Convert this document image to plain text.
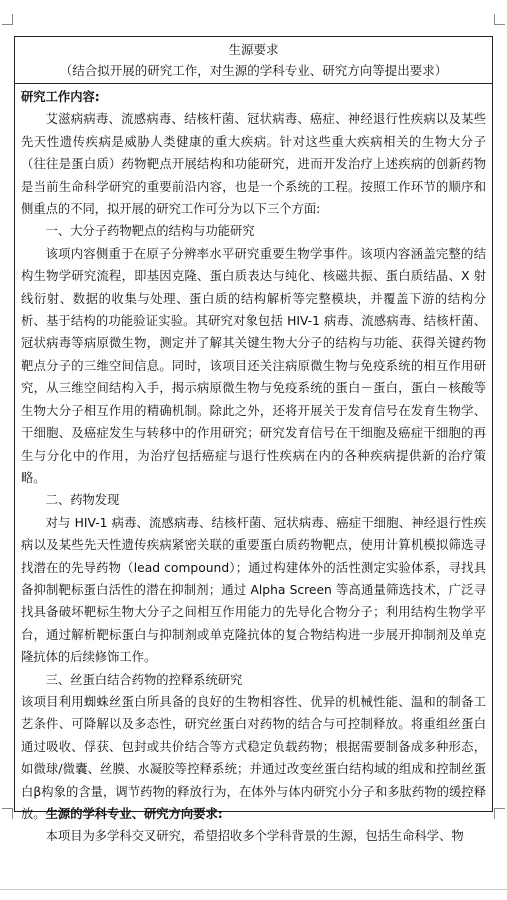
生源要求
（结合拟开展的研究工作，对生源的学科专业、研究方向等提出要求）

研究工作内容:

艾滋病病毒、流感病毒、结核杆菌、冠状病毒、癌症、神经退行性疾病以及某些先天性遗传疾病是威胁人类健康的重大疾病。针对这些重大疾病相关的生物大分子（往往是蛋白质）药物靶点开展结构和功能研究，进而开发治疗上述疾病的创新药物是当前生命科学研究的重要前沿内容，也是一个系统的工程。按照工作环节的顺序和侧重点的不同，拟开展的研究工作可分为以下三个方面:

一、大分子药物靶点的结构与功能研究

该项内容侧重于在原子分辨率水平研究重要生物学事件。该项内容涵盖完整的结构生物学研究流程，即基因克隆、蛋白质表达与纯化、核磁共振、蛋白质结晶、X 射线衍射、数据的收集与处理、蛋白质的结构解析等完整模块，并覆盖下游的结构分析、基于结构的功能验证实验。其研究对象包括 HIV-1 病毒、流感病毒、结核杆菌、冠状病毒等病原微生物，测定并了解其关键生物大分子的结构与功能、获得关键药物靶点分子的三维空间信息。同时，该项目还关注病原微生物与免疫系统的相互作用研究，从三维空间结构入手，揭示病原微生物与免疫系统的蛋白－蛋白，蛋白－核酸等生物大分子相互作用的精确机制。除此之外，还将开展关于发育信号在发育生物学、干细胞、及癌症发生与转移中的作用研究；研究发育信号在干细胞及癌症干细胞的再生与分化中的作用，为治疗包括癌症与退行性疾病在内的各种疾病提供新的治疗策略。

二、药物发现

对与 HIV-1 病毒、流感病毒、结核杆菌、冠状病毒、癌症干细胞、神经退行性疾病以及某些先天性遗传疾病紧密关联的重要蛋白质药物靶点，使用计算机模拟筛选寻找潜在的先导药物（lead compound）；通过构建体外的活性测定实验体系，寻找具备抑制靶标蛋白活性的潜在抑制剂；通过 Alpha Screen 等高通量筛选技术，广泛寻找具备破坏靶标生物大分子之间相互作用能力的先导化合物分子；利用结构生物学平台，通过解析靶标蛋白与抑制剂或单克隆抗体的复合物结构进一步展开抑制剂及单克隆抗体的后续修饰工作。

三、丝蛋白结合药物的控释系统研究

该项目利用蜘蛛丝蛋白所具备的良好的生物相容性、优异的机械性能、温和的制备工艺条件、可降解以及多态性，研究丝蛋白对药物的结合与可控制释放。将重组丝蛋白通过吸收、俘获、包封或共价结合等方式稳定负载药物；根据需要制备成多种形态，如微球/微囊、丝膜、水凝胶等控释系统；并通过改变丝蛋白结构域的组成和控制丝蛋白β构象的含量，调节药物的释放行为，在体外与体内研究小分子和多肽药物的缓控释放。生源的学科专业、研究方向要求:

本项目为多学科交叉研究，希望招收多个学科背景的生源，包括生命科学、物
